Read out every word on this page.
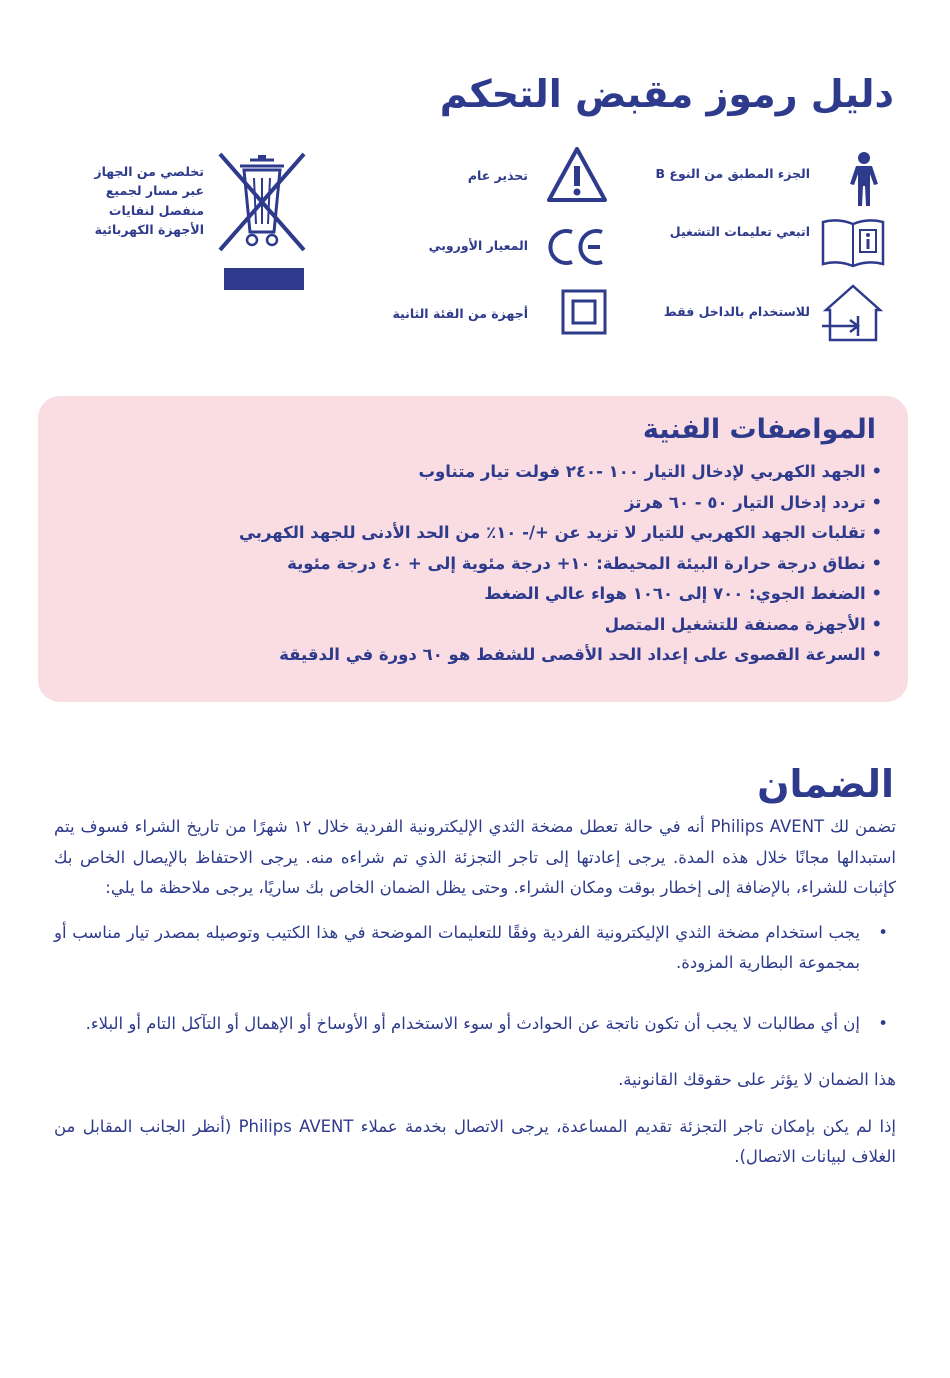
دليل رموز مقبض التحكم
الجزء المطبق من النوع B
اتبعي تعليمات التشغيل
للاستخدام بالداخل فقط
تحذير عام
المعيار الأوروبي
أجهزة من الفئة الثانية
تخلصي من الجهاز
عبر مسار لجميع
منفصل لنفايات
الأجهزة الكهربائية
المواصفات الفنية
• الجهد الكهربي لإدخال التيار ١٠٠ -٢٤٠ فولت تيار متناوب
• تردد إدخال التيار ٥٠ - ٦٠ هرتز
• تقلبات الجهد الكهربي للتيار لا تزيد عن +/- ١٠٪ من الحد الأدنى للجهد الكهربي
• نطاق درجة حرارة البيئة المحيطة: ١٠+ درجة مئوية إلى + ٤٠ درجة مئوية
• الضغط الجوي: ٧٠٠ إلى ١٠٦٠ هواء عالي الضغط
• الأجهزة مصنفة للتشغيل المتصل
• السرعة القصوى على إعداد الحد الأقصى للشفط هو ٦٠ دورة في الدقيقة
الضمان

تضمن لك Philips AVENT أنه في حالة تعطل مضخة الثدي الإليكترونية الفردية خلال ١٢ شهرًا من تاريخ الشراء فسوف يتم استبدالها مجانًا خلال هذه المدة. يرجى إعادتها إلى تاجر التجزئة الذي تم شراءه منه. يرجى الاحتفاظ بالإيصال الخاص بك كإثبات للشراء، بالإضافة إلى إخطار بوقت ومكان الشراء. وحتى يظل الضمان الخاص بك ساريًا، يرجى ملاحظة ما يلي:

• يجب استخدام مضخة الثدي الإليكترونية الفردية وفقًا للتعليمات الموضحة في هذا الكتيب وتوصيله بمصدر تيار مناسب أو بمجموعة البطارية المزودة.
• إن أي مطالبات لا يجب أن تكون ناتجة عن الحوادث أو سوء الاستخدام أو الأوساخ أو الإهمال أو التآكل التام أو البلاء.

هذا الضمان لا يؤثر على حقوقك القانونية.

إذا لم يكن بإمكان تاجر التجزئة تقديم المساعدة، يرجى الاتصال بخدمة عملاء Philips AVENT (أنظر الجانب المقابل من الغلاف لبيانات الاتصال).
